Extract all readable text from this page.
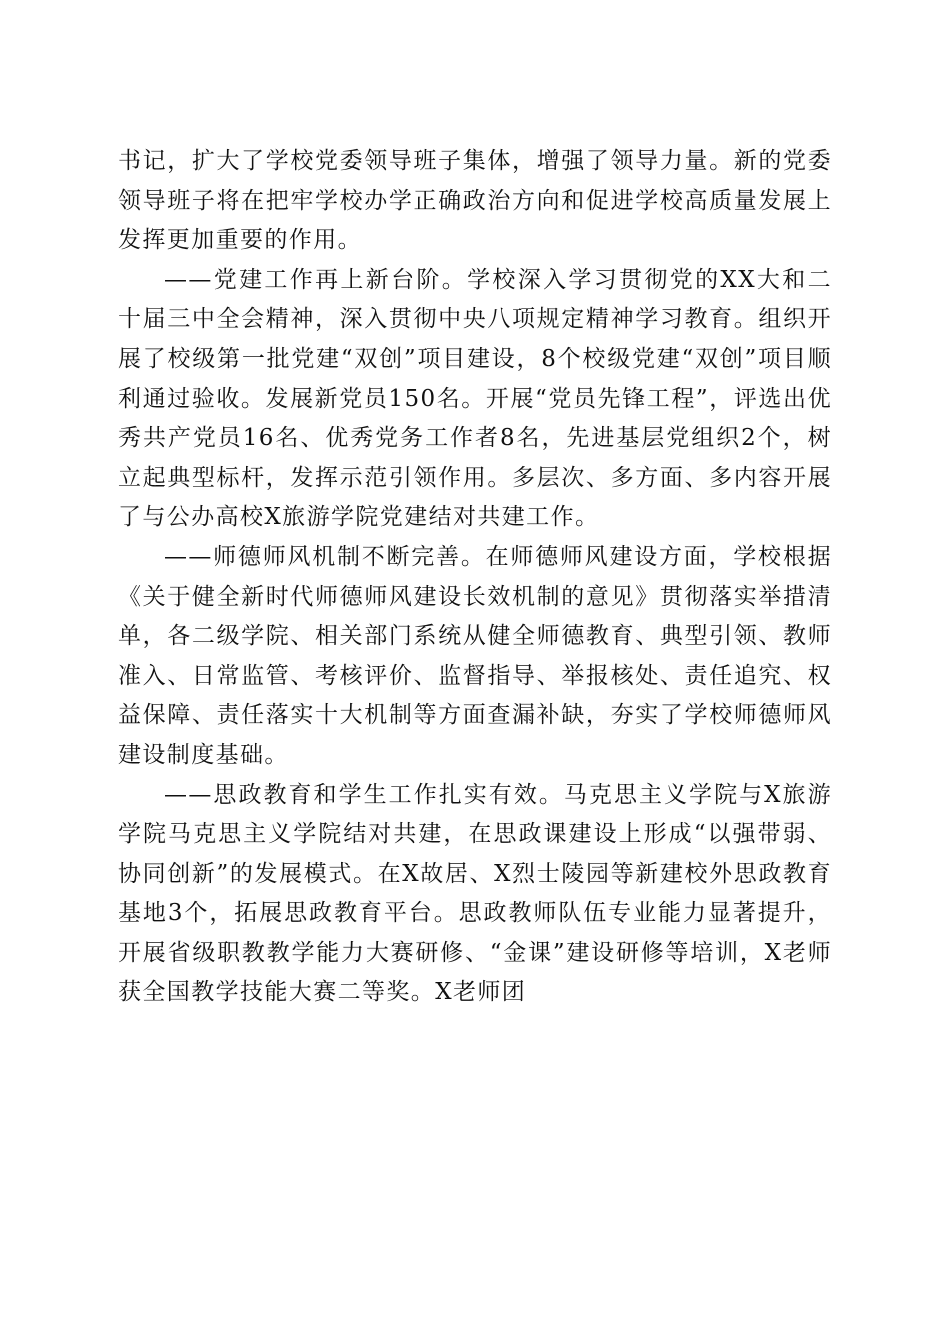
书记，扩大了学校党委领导班子集体，增强了领导力量。新的党委领导班子将在把牢学校办学正确政治方向和促进学校高质量发展上发挥更加重要的作用。

——党建工作再上新台阶。学校深入学习贯彻党的XX大和二十届三中全会精神，深入贯彻中央八项规定精神学习教育。组织开展了校级第一批党建“双创”项目建设，8个校级党建“双创”项目顺利通过验收。发展新党员150名。开展“党员先锋工程”，评选出优秀共产党员16名、优秀党务工作者8名，先进基层党组织2个，树立起典型标杆，发挥示范引领作用。多层次、多方面、多内容开展了与公办高校X旅游学院党建结对共建工作。

——师德师风机制不断完善。在师德师风建设方面，学校根据《关于健全新时代师德师风建设长效机制的意见》贯彻落实举措清单，各二级学院、相关部门系统从健全师德教育、典型引领、教师准入、日常监管、考核评价、监督指导、举报核处、责任追究、权益保障、责任落实十大机制等方面查漏补缺，夯实了学校师德师风建设制度基础。

——思政教育和学生工作扎实有效。马克思主义学院与X旅游学院马克思主义学院结对共建，在思政课建设上形成“以强带弱、协同创新”的发展模式。在X故居、X烈士陵园等新建校外思政教育基地3个，拓展思政教育平台。思政教师队伍专业能力显著提升，开展省级职教教学能力大赛研修、“金课”建设研修等培训，X老师获全国教学技能大赛二等奖。X老师团
